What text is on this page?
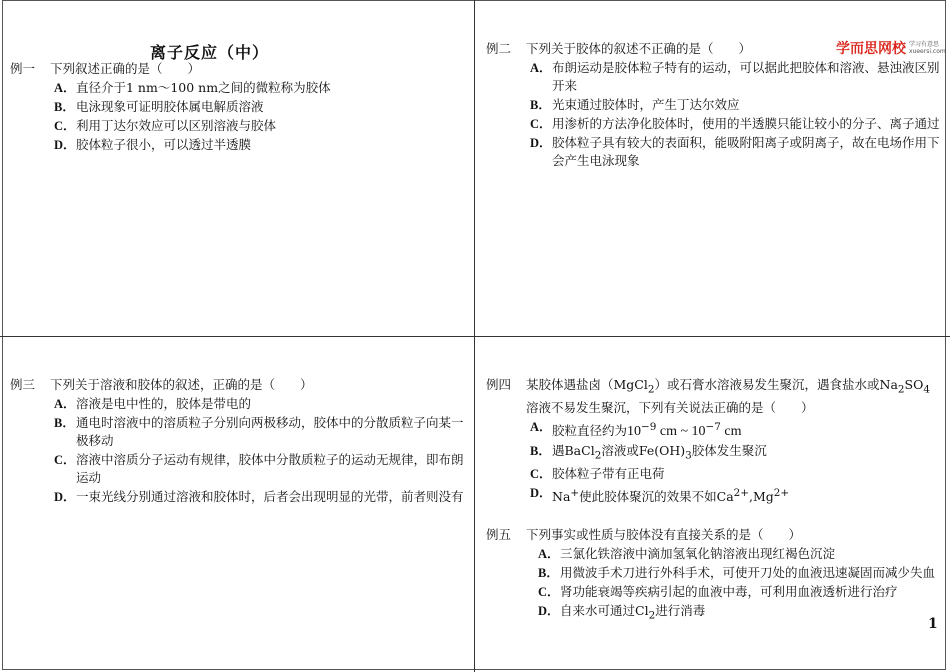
离子反应（中）	学而思网校 学习有意思
xueersi.com
例一	下列叙述正确的是（　　）
A． 直径介于1 nm～100 nm之间的微粒称为胶体
B． 电泳现象可证明胶体属电解质溶液
C． 利用丁达尔效应可以区别溶液与胶体
D． 胶体粒子很小，可以透过半透膜
例二	下列关于胶体的叙述不正确的是（　　）
A． 布朗运动是胶体粒子特有的运动，可以据此把胶体和溶液、悬浊液区别开来
B． 光束通过胶体时，产生丁达尔效应
C． 用渗析的方法净化胶体时，使用的半透膜只能让较小的分子、离子通过
D． 胶体粒子具有较大的表面积，能吸附阳离子或阴离子，故在电场作用下会产生电泳现象
例三	下列关于溶液和胶体的叙述，正确的是（　　）
A． 溶液是电中性的，胶体是带电的
B． 通电时溶液中的溶质粒子分别向两极移动，胶体中的分散质粒子向某一极移动
C． 溶液中溶质分子运动有规律，胶体中分散质粒子的运动无规律，即布朗运动
D． 一束光线分别通过溶液和胶体时，后者会出现明显的光带，前者则没有
例四	某胶体遇盐卤（MgCl$_2$）或石膏水溶液易发生聚沉，遇食盐水或$Na_2SO_4$溶液不易发生聚沉，下列有关说法正确的是（　　）
A． 胶粒直径约为$10^{-9}$ cm ~ $10^{-7}$ cm
B． 遇BaCl$_2$溶液或$Fe(OH)_3$胶体发生聚沉
C． 胶体粒子带有正电荷
D． Na+使此胶体聚沉的效果不如$Ca^{2+},Mg^{2+}$
例五	下列事实或性质与胶体没有直接关系的是（　　）
A． 三氯化铁溶液中滴加氢氧化钠溶液出现红褐色沉淀
B． 用微波手术刀进行外科手术，可使开刀处的血液迅速凝固而减少失血
C． 肾功能衰竭等疾病引起的血液中毒，可利用血液透析进行治疗
D． 自来水可通过$Cl_2$进行消毒
1
